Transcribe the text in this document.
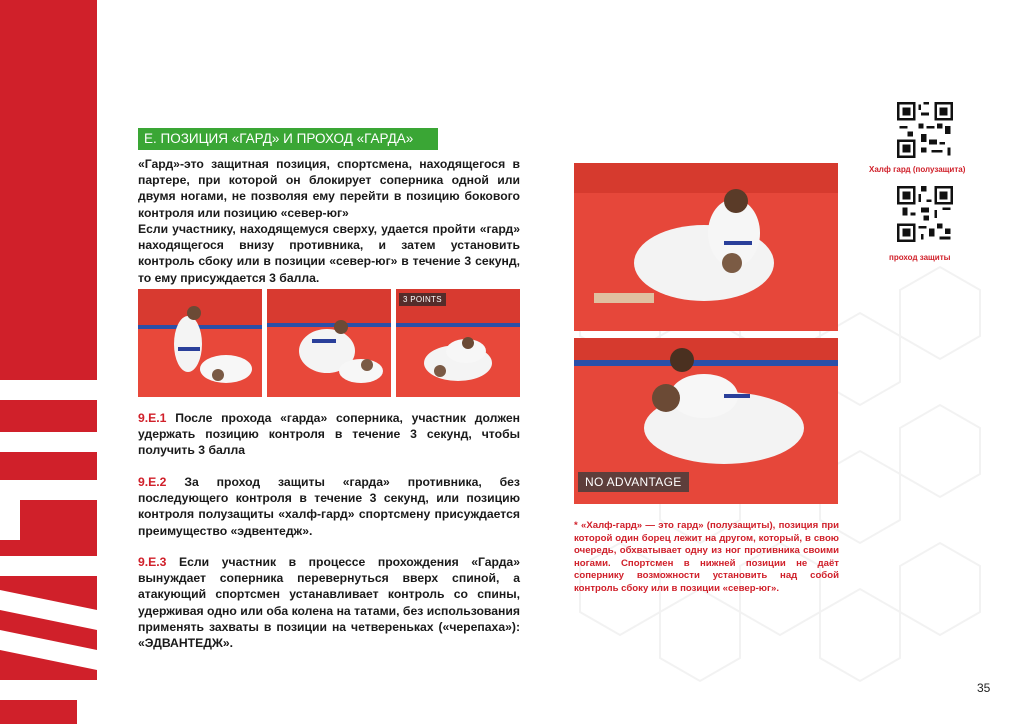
E. ПОЗИЦИЯ «ГАРД» И ПРОХОД «ГАРДА»

«Гард»-это защитная позиция, спортсмена, находящегося в партере, при которой он блокирует соперника одной или двумя ногами, не позволяя ему перейти в позицию бокового контроля или позицию «север-юг»

Если участнику, находящемуся сверху, удается пройти «гард» находящегося внизу противника, и затем установить контроль сбоку или в позиции «север-юг» в течение 3 секунд, то ему присуждается 3 балла.

3 POINTS

9.E.1 После прохода «гарда» соперника, участник должен удержать позицию контроля в течение 3 секунд, чтобы получить 3 балла

9.E.2 За проход защиты «гарда» противника, без последующего контроля в течение 3 секунд, или позицию контроля полузащиты «халф-гард» спортсмену присуждается преимущество «эдвентедж».

9.E.3 Если участник в процессе прохождения «Гарда» вынуждает соперника перевернуться вверх спиной, а атакующий спортсмен устанавливает контроль со спины, удерживая одно или оба колена на татами, без использования применять захваты в позиции на четвереньках («черепаха»): «ЭДВАНТЕДЖ».

NO ADVANTAGE

* «Халф-гард» — это гард» (полузащиты), позиция при которой один борец лежит на другом, который, в свою очередь, обхватывает одну из ног противника своими ногами. Спортсмен в нижней позиции не даёт сопернику возможности установить над собой контроль сбоку или в позиции «север-юг».

Халф гард (полузащита)
проход защиты
35
